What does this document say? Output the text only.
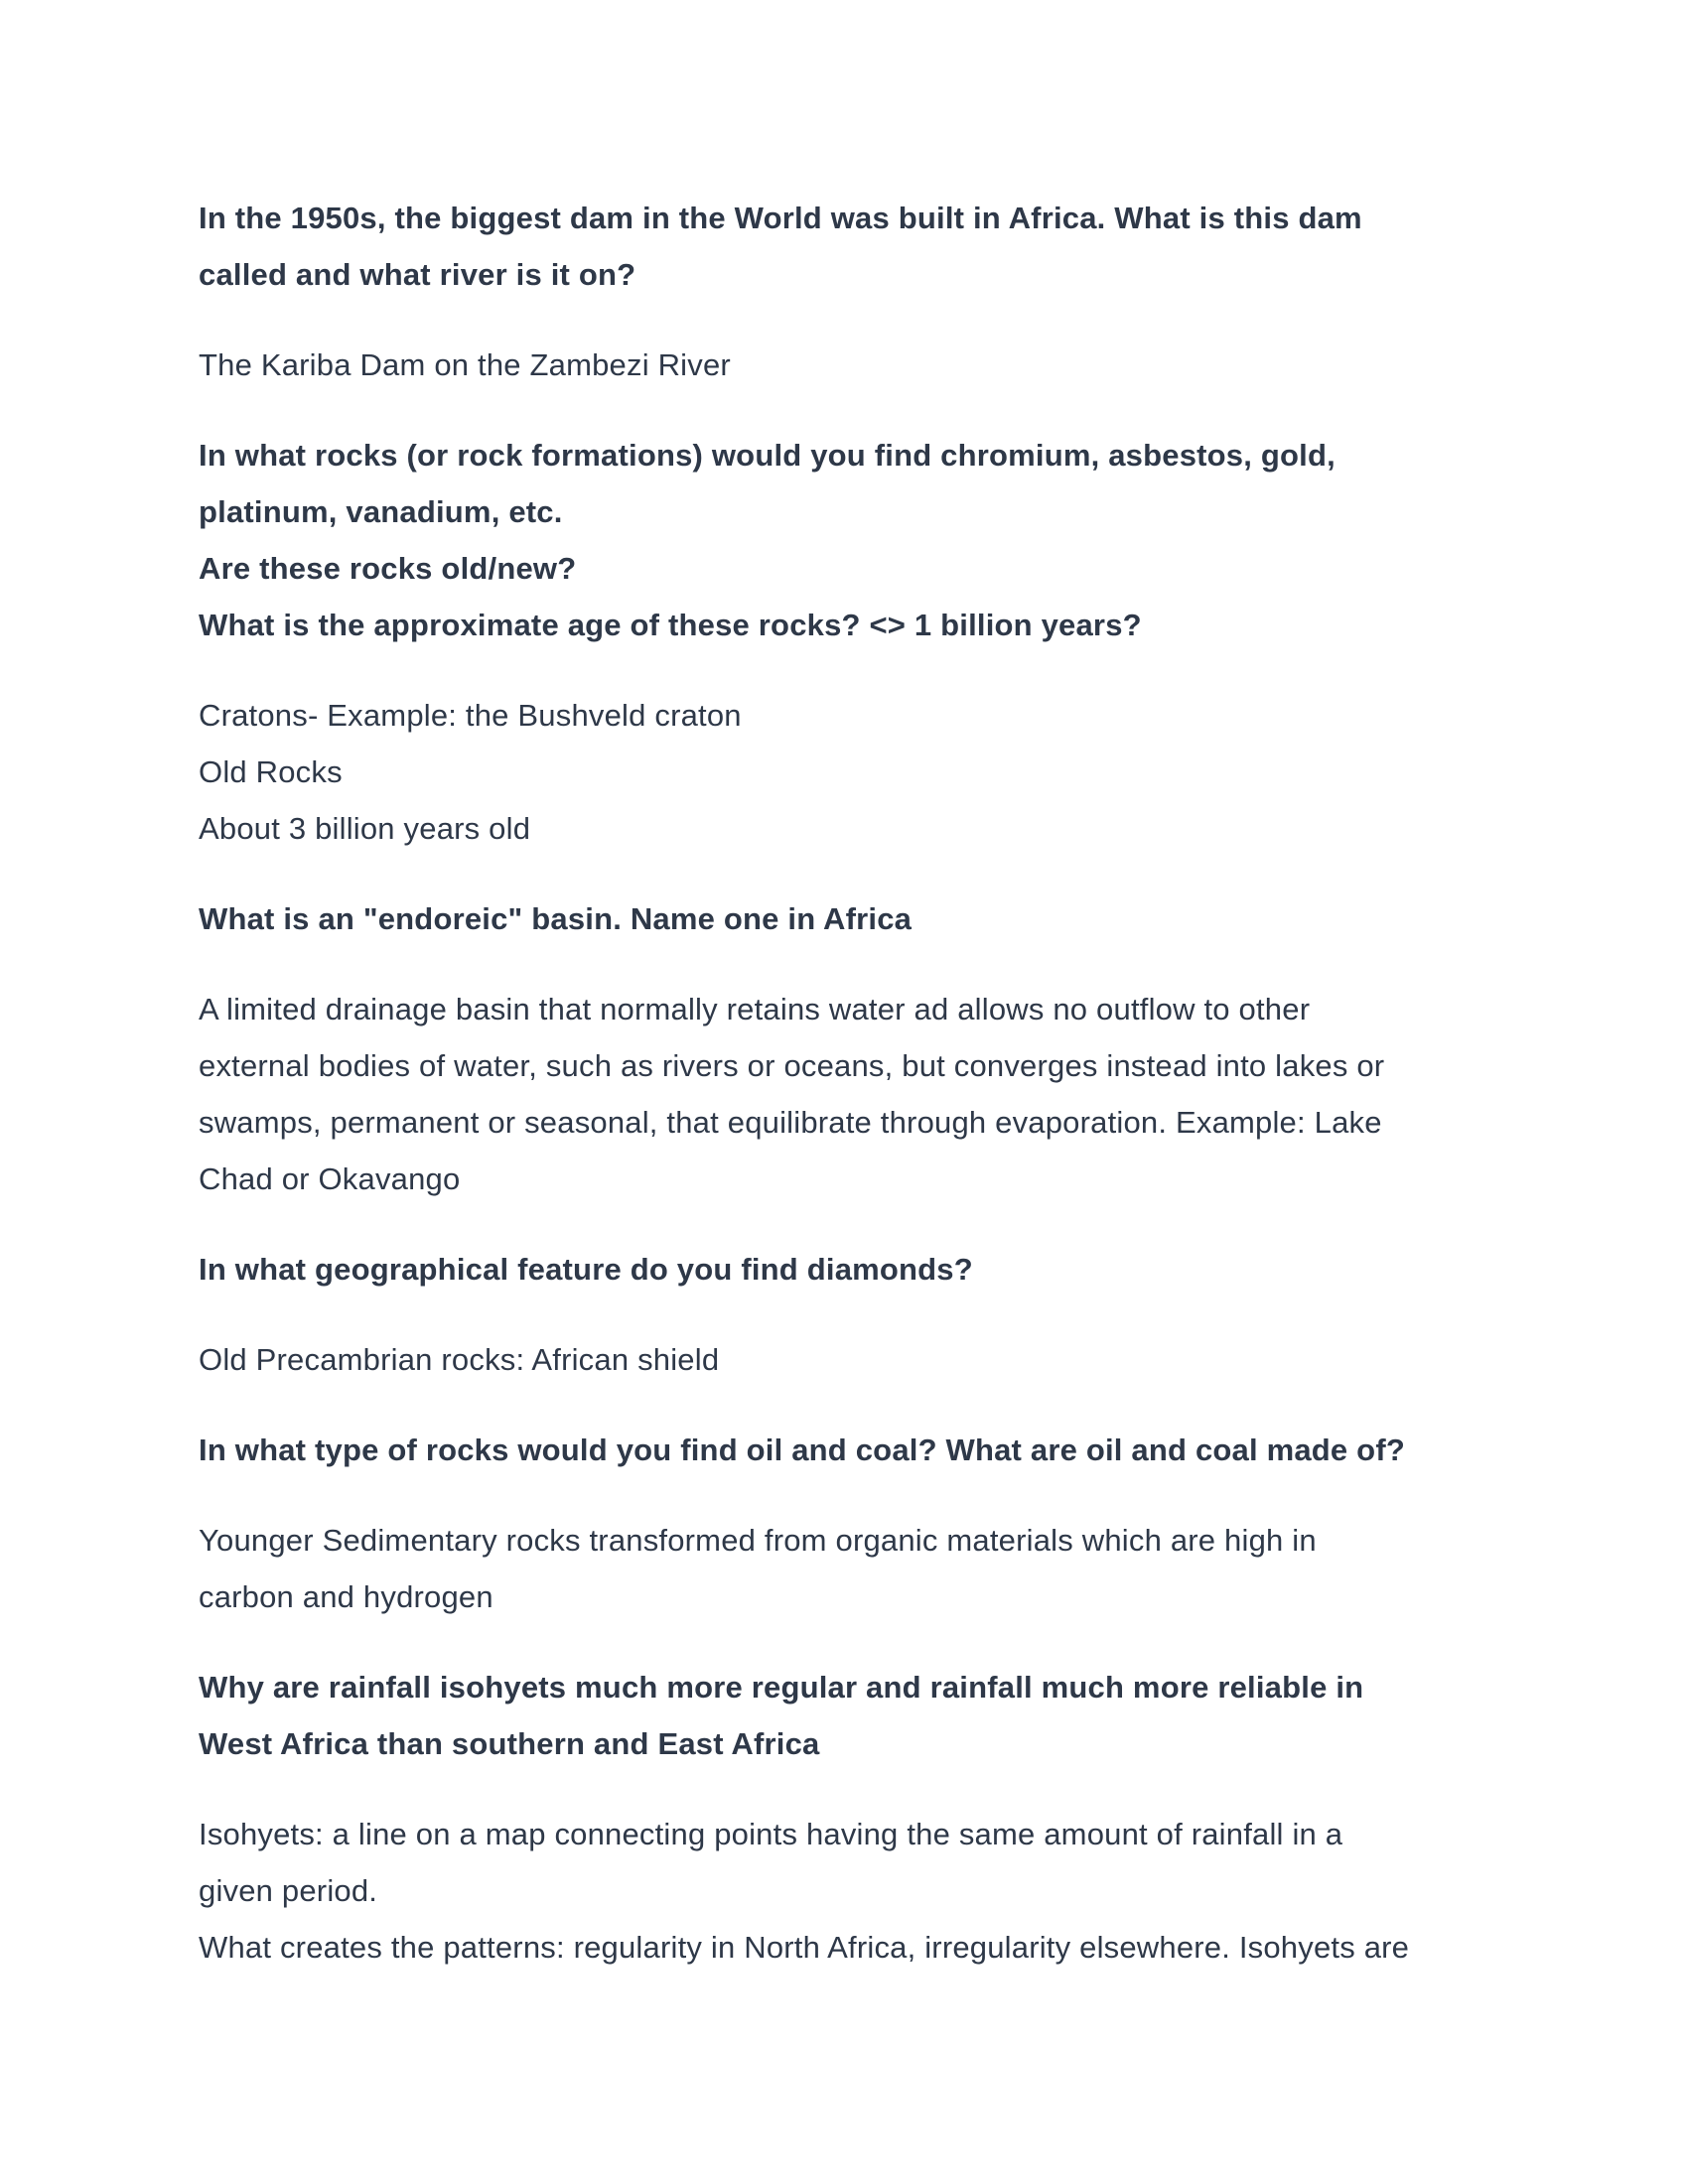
In the 1950s, the biggest dam in the World was built in Africa. What is this dam
called and what river is it on?
The Kariba Dam on the Zambezi River
In what rocks (or rock formations) would you find chromium, asbestos, gold,
platinum, vanadium, etc.
Are these rocks old/new?
What is the approximate age of these rocks? <> 1 billion years?
Cratons- Example: the Bushveld craton
Old Rocks
About 3 billion years old
What is an "endoreic" basin. Name one in Africa
A limited drainage basin that normally retains water ad allows no outflow to other
external bodies of water, such as rivers or oceans, but converges instead into lakes or
swamps, permanent or seasonal, that equilibrate through evaporation. Example: Lake
Chad or Okavango
In what geographical feature do you find diamonds?
Old Precambrian rocks: African shield
In what type of rocks would you find oil and coal? What are oil and coal made of?
Younger Sedimentary rocks transformed from organic materials which are high in
carbon and hydrogen
Why are rainfall isohyets much more regular and rainfall much more reliable in
West Africa than southern and East Africa
Isohyets: a line on a map connecting points having the same amount of rainfall in a
given period.
What creates the patterns: regularity in North Africa, irregularity elsewhere. Isohyets are
